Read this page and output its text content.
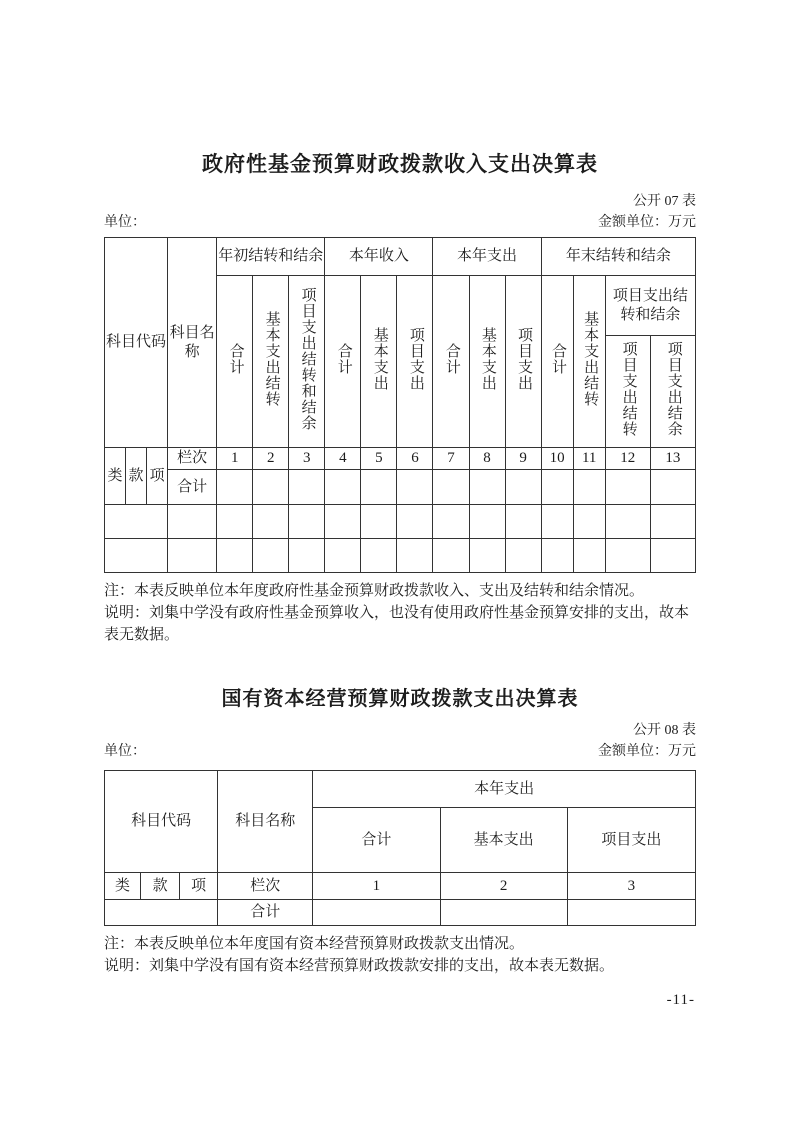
政府性基金预算财政拨款收入支出决算表
公开 07 表
单位：	金额单位：万元
科目代码			科目名称	年初结转和结余			本年收入			本年支出			年末结转和结余			
				合计	基本支出结转	项目支出结转和结余	合计	基本支出	项目支出	合计	基本支出	项目支出	合计	基本支出结转	项目支出结转和结余	
															项目支出结转	项目支出结余
类	款	项	栏次	1	2	3	4	5	6	7	8	9	10	11	12	13
			合计													

注：本表反映单位本年度政府性基金预算财政拨款收入、支出及结转和结余情况。

说明：刘集中学没有政府性基金预算收入，也没有使用政府性基金预算安排的支出，故本表无数据。

国有资本经营预算财政拨款支出决算表
公开 08 表
单位：	金额单位：万元
科目代码			科目名称	本年支出		
				合计	基本支出	项目支出
类	款	项	栏次	1	2	3
			合计			

注：本表反映单位本年度国有资本经营预算财政拨款支出情况。

说明：刘集中学没有国有资本经营预算财政拨款安排的支出，故本表无数据。

-11-
